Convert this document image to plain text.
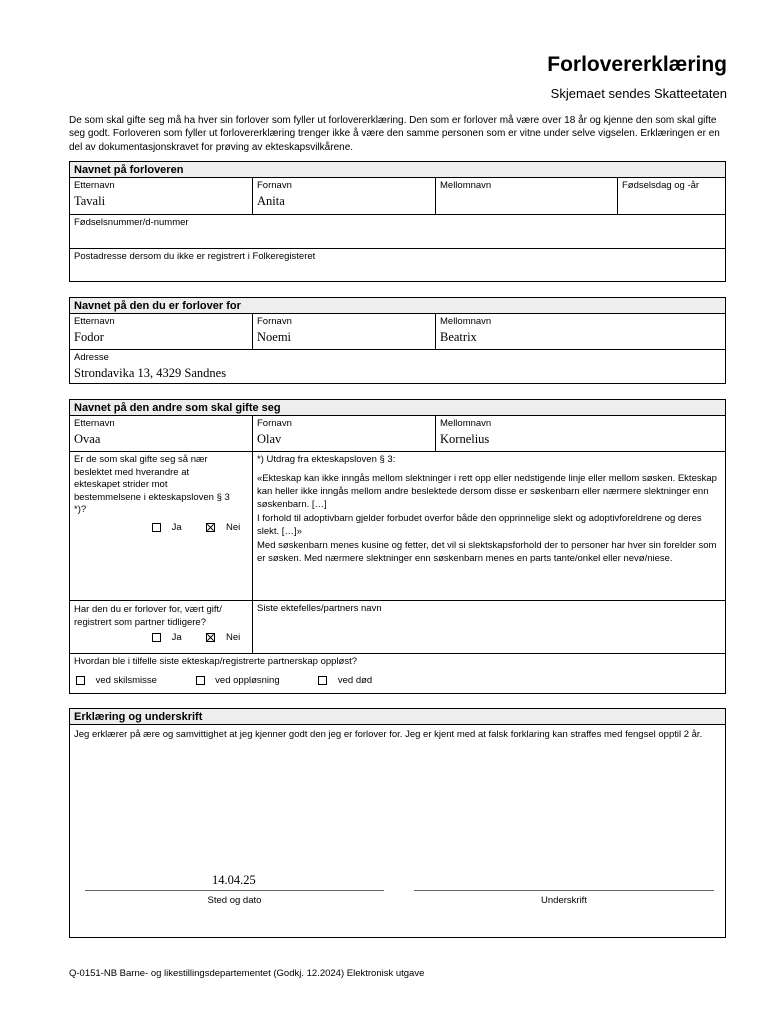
Forlovererklæring
Skjemaet sendes Skatteetaten
De som skal gifte seg må ha hver sin forlover som fyller ut forlovererklæring. Den som er forlover må være over 18 år og kjenne den som skal gifte seg godt. Forloveren som fyller ut forlovererklæring trenger ikke å være den samme personen som er vitne under selve vigselen. Erklæringen er en del av dokumentasjonskravet for prøving av ekteskapsvilkårene.
Navnet på forloveren
Etternavn
Tavali
Fornavn
Anita
Mellomnavn	Fødselsdag og -år
Fødselsnummer/d-nummer
Postadresse dersom du ikke er registrert i Folkeregisteret
Navnet på den du er forlover for
Etternavn
Fodor
Fornavn
Noemi
Mellomnavn
Beatrix
Adresse
Strondavika 13, 4329 Sandnes
Navnet på den andre som skal gifte seg
Etternavn
Ovaa
Fornavn
Olav
Mellomnavn
Kornelius
Er de som skal gifte seg så nær beslektet med hverandre at ekteskapet strider mot bestemmelsene i ekteskapsloven § 3 *)?
Ja	Nei
*) Utdrag fra ekteskapsloven § 3:
«Ekteskap kan ikke inngås mellom slektninger i rett opp eller nedstigende linje eller mellom søsken. Ekteskap kan heller ikke inngås mellom andre beslektede dersom disse er søskenbarn eller nærmere slektninger enn søskenbarn. […]
I forhold til adoptivbarn gjelder forbudet overfor både den opprinnelige slekt og adoptivforeldrene og deres slekt. […]»
Med søskenbarn menes kusine og fetter, det vil si slektskapsforhold der to personer har hver sin forelder som er søsken. Med nærmere slektninger enn søskenbarn menes en parts tante/onkel eller nevø/niese.
Har den du er forlover for, vært gift/ registrert som partner tidligere?
Ja	Nei
Siste ektefelles/partners navn
Hvordan ble i tilfelle siste ekteskap/registrerte partnerskap oppløst?
ved skilsmisse	ved oppløsning	ved død
Erklæring og underskrift
Jeg erklærer på ære og samvittighet at jeg kjenner godt den jeg er forlover for. Jeg er kjent med at falsk forklaring kan straffes med fengsel opptil 2 år.
14.04.25
Sted og dato	Underskrift
Q-0151-NB Barne- og likestillingsdepartementet (Godkj. 12.2024) Elektronisk utgave
